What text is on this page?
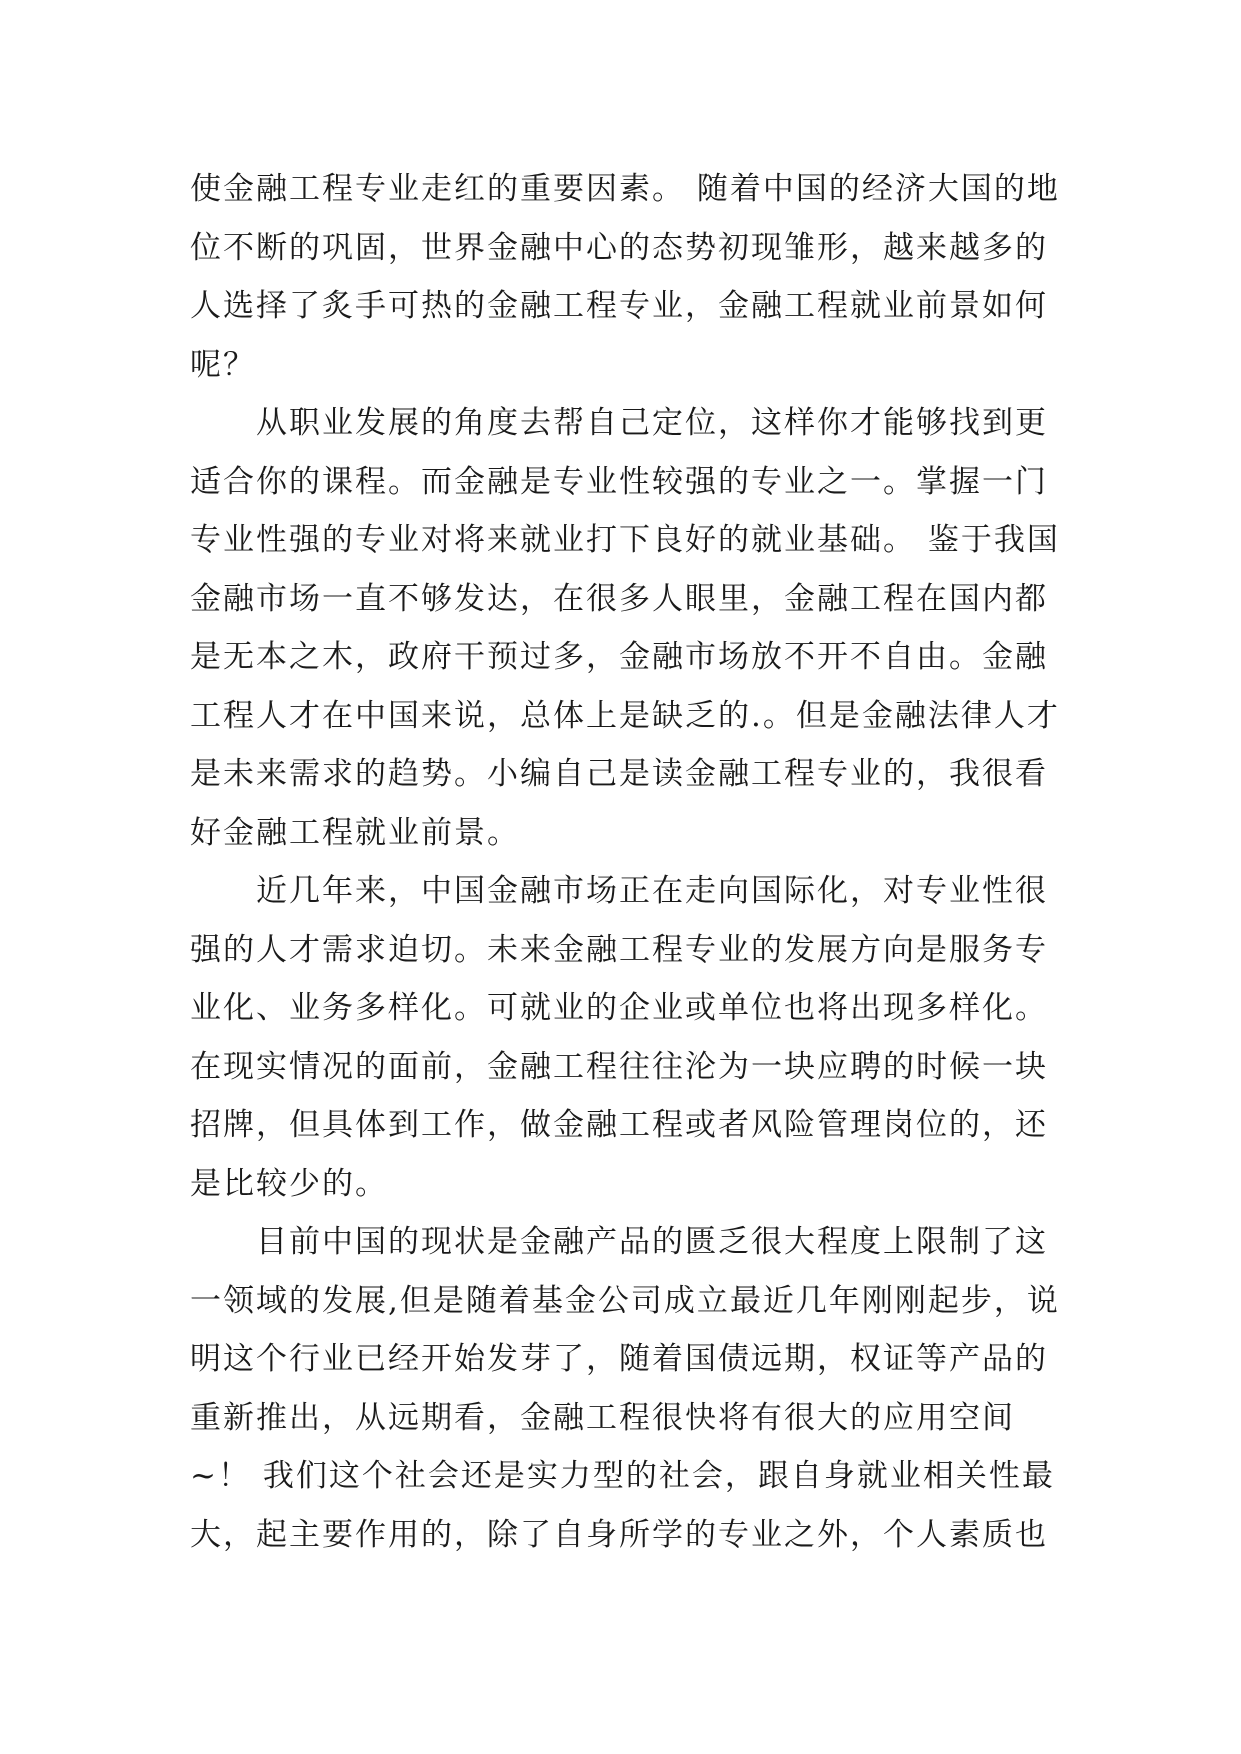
使金融工程专业走红的重要因素。 随着中国的经济大国的地位不断的巩固，世界金融中心的态势初现雏形，越来越多的人选择了炙手可热的金融工程专业，金融工程就业前景如何呢？

　　从职业发展的角度去帮自己定位，这样你才能够找到更适合你的课程。而金融是专业性较强的专业之一。掌握一门专业性强的专业对将来就业打下良好的就业基础。 鉴于我国金融市场一直不够发达，在很多人眼里，金融工程在国内都是无本之木，政府干预过多，金融市场放不开不自由。金融工程人才在中国来说，总体上是缺乏的.。但是金融法律人才是未来需求的趋势。小编自己是读金融工程专业的，我很看好金融工程就业前景。

　　近几年来，中国金融市场正在走向国际化，对专业性很强的人才需求迫切。未来金融工程专业的发展方向是服务专业化、业务多样化。可就业的企业或单位也将出现多样化。在现实情况的面前，金融工程往往沦为一块应聘的时候一块招牌，但具体到工作，做金融工程或者风险管理岗位的，还是比较少的。

　　目前中国的现状是金融产品的匮乏很大程度上限制了这一领域的发展,但是随着基金公司成立最近几年刚刚起步，说明这个行业已经开始发芽了，随着国债远期，权证等产品的重新推出，从远期看，金融工程很快将有很大的应用空间~！ 我们这个社会还是实力型的社会，跟自身就业相关性最大，起主要作用的，除了自身所学的专业之外，个人素质也
